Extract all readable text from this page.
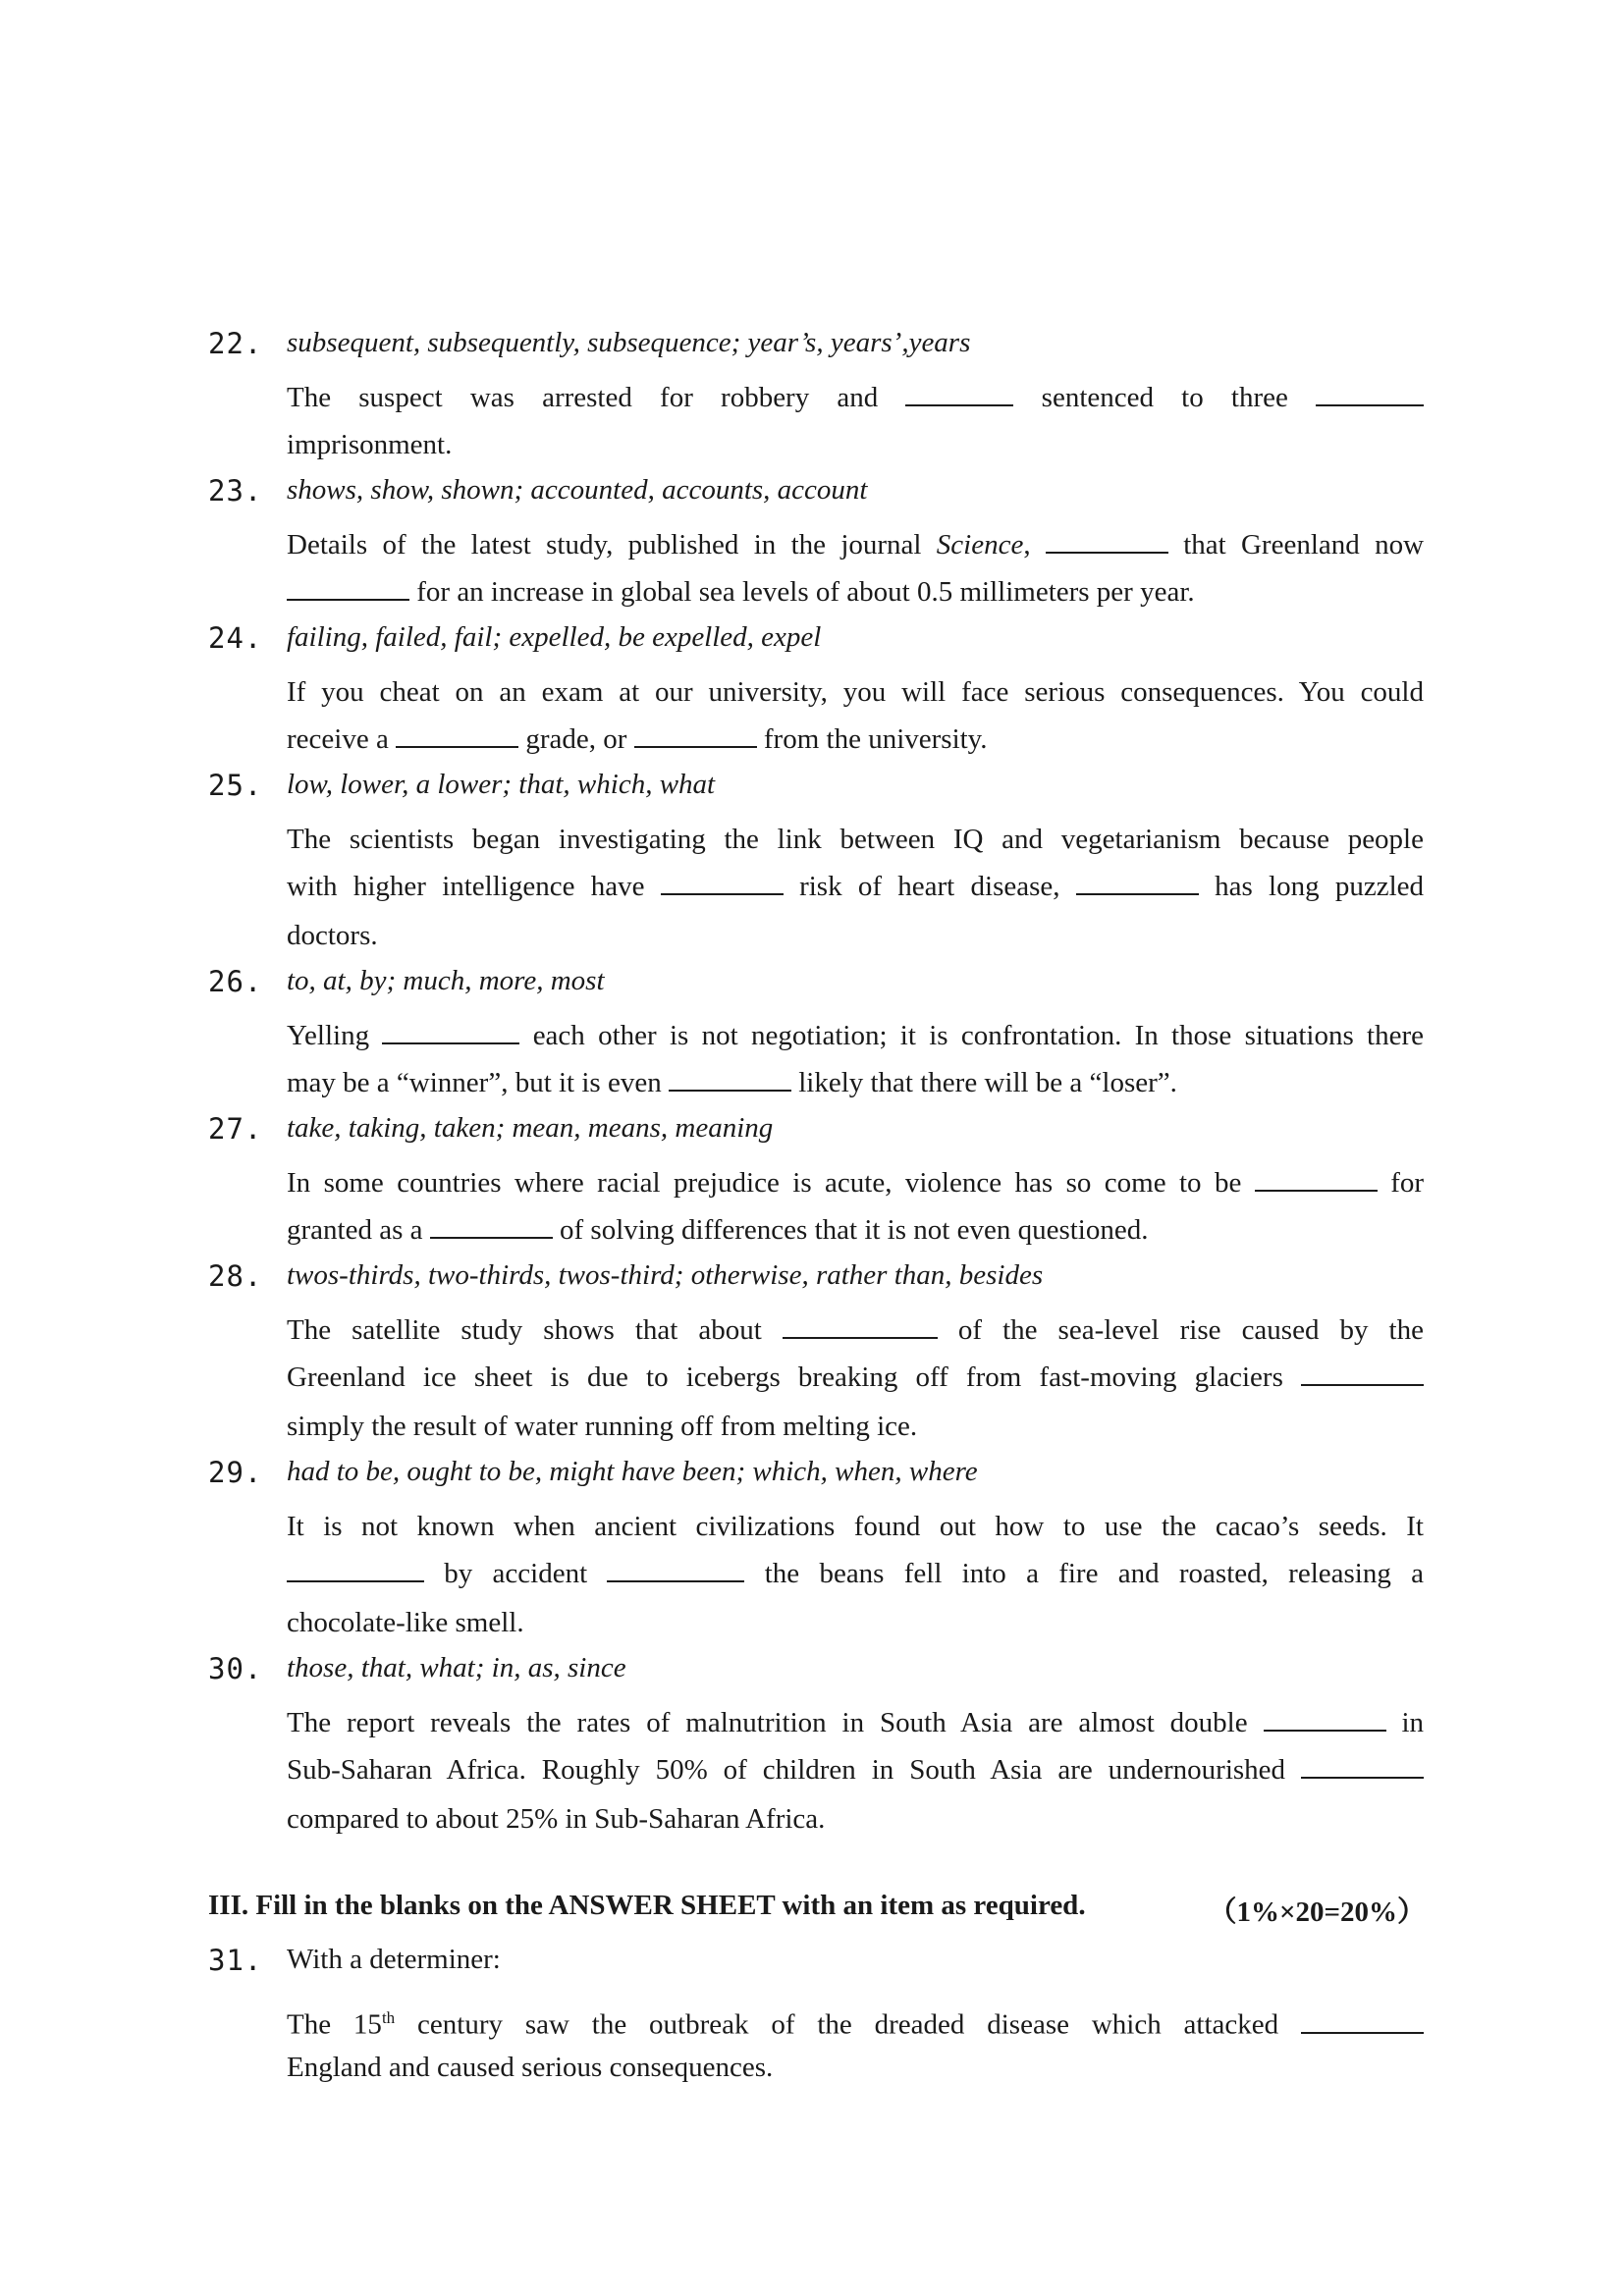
22. subsequent, subsequently, subsequence; year’s, years’,years
The suspect was arrested for robbery and	sentenced to three
imprisonment.
23. shows, show, shown; accounted, accounts, account
Details of the latest study, published in the journal Science,	that Greenland now
for an increase in global sea levels of about 0.5 millimeters per year.
24. failing, failed, fail; expelled, be expelled, expel
If you cheat on an exam at our university, you will face serious consequences. You could
receive a	grade, or	from the university.
25. low, lower, a lower; that, which, what
The scientists began investigating the link between IQ and vegetarianism because people
with higher intelligence have	risk of heart disease,	has long puzzled
doctors.
26. to, at, by; much, more, most
Yelling	each other is not negotiation; it is confrontation. In those situations there
may be a “winner”, but it is even	likely that there will be a “loser”.
27. take, taking, taken; mean, means, meaning
In some countries where racial prejudice is acute, violence has so come to be	for
granted as a	of solving differences that it is not even questioned.
28. twos-thirds, two-thirds, twos-third; otherwise, rather than, besides
The satellite study shows that about	of the sea-level rise caused by the
Greenland ice sheet is due to icebergs breaking off from fast-moving glaciers
simply the result of water running off from melting ice.
29. had to be, ought to be, might have been; which, when, where
It is not known when ancient civilizations found out how to use the cacao’s seeds. It
by accident	the beans fell into a fire and roasted, releasing a
chocolate-like smell.
30. those, that, what; in, as, since
The report reveals the rates of malnutrition in South Asia are almost double	in
Sub-Saharan Africa. Roughly 50% of children in South Asia are undernourished
compared to about 25% in Sub-Saharan Africa.
III. Fill in the blanks on the ANSWER SHEET with an item as required.	（1%×20=20%）
31. With a determiner:
The 15th century saw the outbreak of the dreaded disease which attacked
England and caused serious consequences.
